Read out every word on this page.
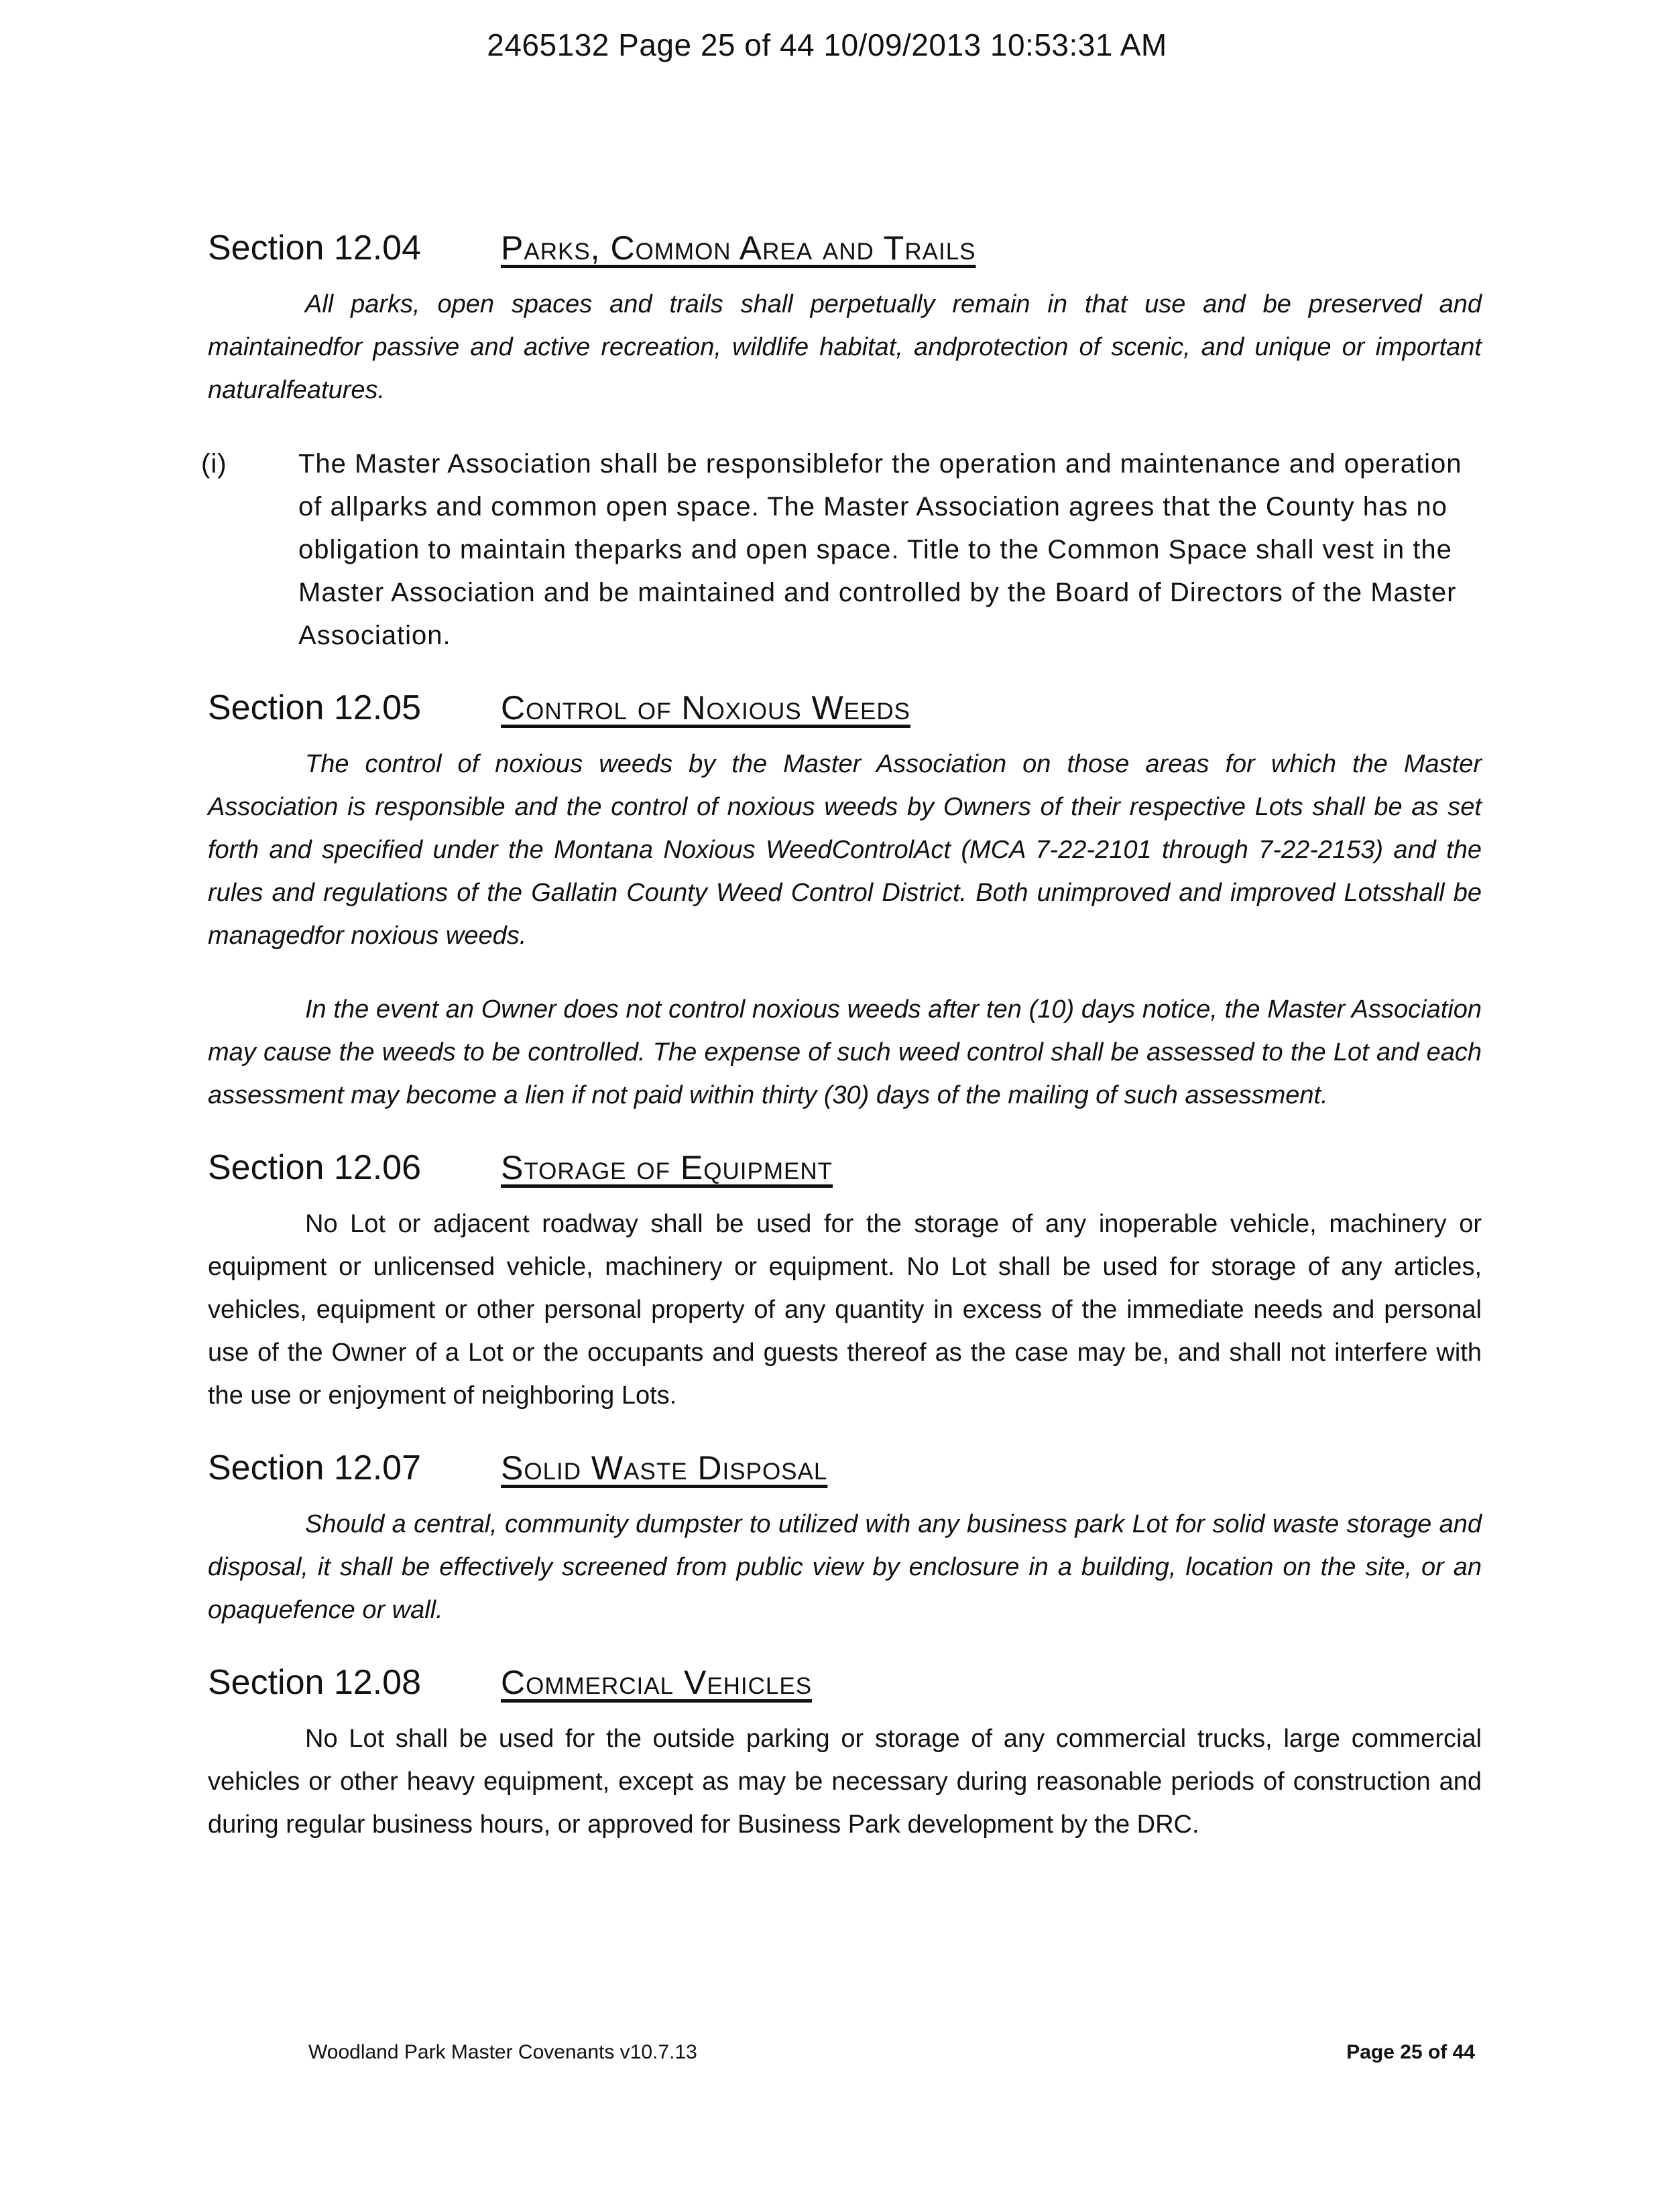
2465132 Page 25 of 44 10/09/2013 10:53:31 AM
Section 12.04	Parks, Common Area and Trails

All parks, open spaces and trails shall perpetually remain in that use and be preserved and maintainedfor passive and active recreation, wildlife habitat, andprotection of scenic, and unique or important naturalfeatures.

(i)	The Master Association shall be responsiblefor the operation and maintenance and operation of allparks and common open space. The Master Association agrees that the County has no obligation to maintain theparks and open space. Title to the Common Space shall vest in the Master Association and be maintained and controlled by the Board of Directors of the Master Association.
Section 12.05	Control of Noxious Weeds

The control of noxious weeds by the Master Association on those areas for which the Master Association is responsible and the control of noxious weeds by Owners of their respective Lots shall be as set forth and specified under the Montana Noxious WeedControlAct (MCA 7-22-2101 through 7-22-2153) and the rules and regulations of the Gallatin County Weed Control District. Both unimproved and improved Lotsshall be managedfor noxious weeds.

In the event an Owner does not control noxious weeds after ten (10) days notice, the Master Association may cause the weeds to be controlled. The expense of such weed control shall be assessed to the Lot and each assessment may become a lien if not paid within thirty (30) days of the mailing of such assessment.

Section 12.06	Storage of Equipment

No Lot or adjacent roadway shall be used for the storage of any inoperable vehicle, machinery or equipment or unlicensed vehicle, machinery or equipment. No Lot shall be used for storage of any articles, vehicles, equipment or other personal property of any quantity in excess of the immediate needs and personal use of the Owner of a Lot or the occupants and guests thereof as the case may be, and shall not interfere with the use or enjoyment of neighboring Lots.

Section 12.07	Solid Waste Disposal

Should a central, community dumpster to utilized with any business park Lot for solid waste storage and disposal, it shall be effectively screened from public view by enclosure in a building, location on the site, or an opaquefence or wall.

Section 12.08	Commercial Vehicles

No Lot shall be used for the outside parking or storage of any commercial trucks, large commercial vehicles or other heavy equipment, except as may be necessary during reasonable periods of construction and during regular business hours, or approved for Business Park development by the DRC.

Woodland Park Master Covenants v10.7.13	Page 25 of 44
